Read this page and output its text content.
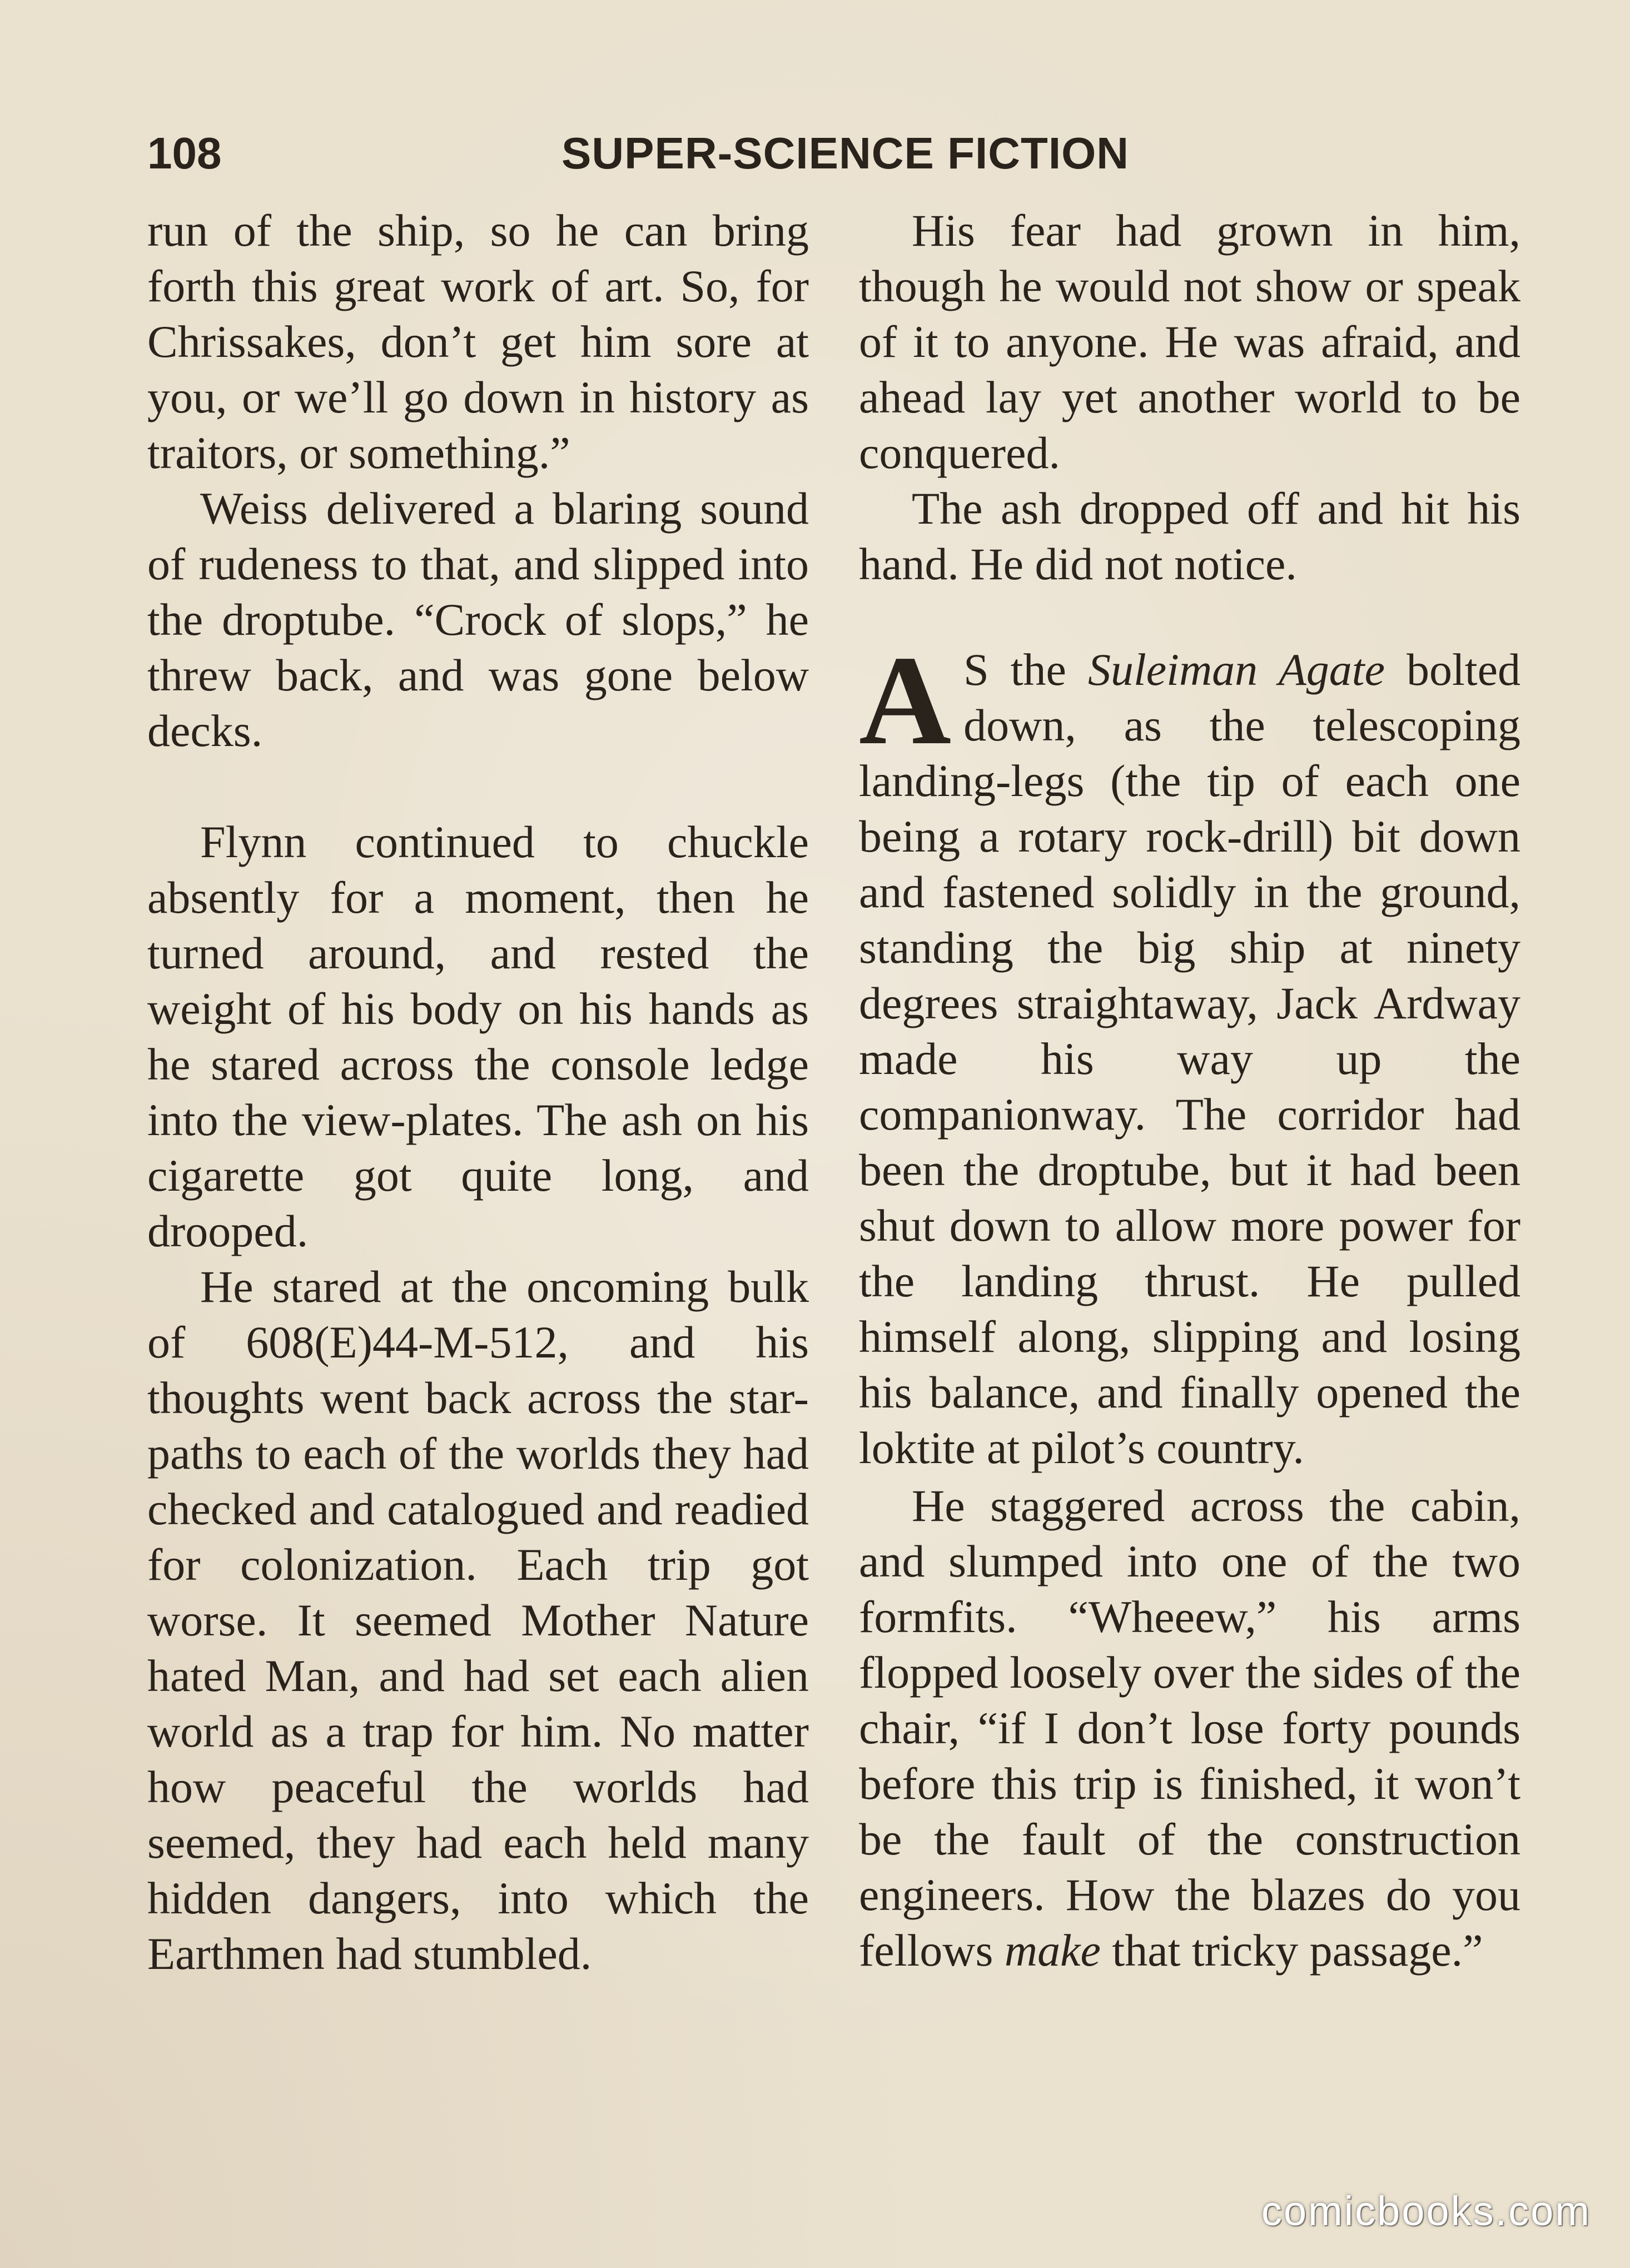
108	SUPER-SCIENCE FICTION

run of the ship, so he can bring forth this great work of art. So, for Chrissakes, don’t get him sore at you, or we’ll go down in history as traitors, or something.”

Weiss delivered a blaring sound of rudeness to that, and slipped into the droptube. “Crock of slops,” he threw back, and was gone below decks.

Flynn continued to chuckle absently for a moment, then he turned around, and rested the weight of his body on his hands as he stared across the console ledge into the view-plates. The ash on his cigarette got quite long, and drooped.

He stared at the oncoming bulk of 608(E)44-M-512, and his thoughts went back across the star-paths to each of the worlds they had checked and catalogued and readied for colonization. Each trip got worse. It seemed Mother Nature hated Man, and had set each alien world as a trap for him. No matter how peaceful the worlds had seemed, they had each held many hidden dangers, into which the Earthmen had stumbled.

His fear had grown in him, though he would not show or speak of it to anyone. He was afraid, and ahead lay yet another world to be conquered.

The ash dropped off and hit his hand. He did not notice.

A S the Suleiman Agate bolted down, as the telescoping landing-legs (the tip of each one being a rotary rock-drill) bit down and fastened solidly in the ground, standing the big ship at ninety degrees straightaway, Jack Ardway made his way up the companionway. The corridor had been the droptube, but it had been shut down to allow more power for the landing thrust. He pulled himself along, slipping and losing his balance, and finally opened the loktite at pilot’s country.

He staggered across the cabin, and slumped into one of the two formfits. “Wheeew,” his arms flopped loosely over the sides of the chair, “if I don’t lose forty pounds before this trip is finished, it won’t be the fault of the construction engineers. How the blazes do you fellows make that tricky passage.”

comicbooks.com
